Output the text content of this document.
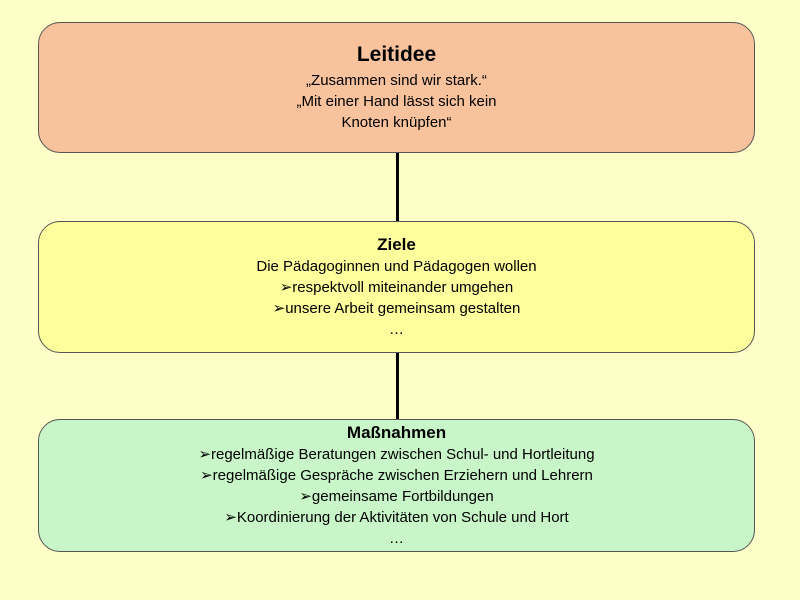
Leitidee
„Zusammen sind wir stark.“
„Mit einer Hand lässt sich kein
Knoten knüpfen“
Ziele
Die Pädagoginnen und Pädagogen wollen
➢respektvoll miteinander umgehen
➢unsere Arbeit gemeinsam gestalten
…
Maßnahmen
➢regelmäßige Beratungen zwischen Schul- und Hortleitung
➢regelmäßige Gespräche zwischen Erziehern und Lehrern
➢gemeinsame Fortbildungen
➢Koordinierung der Aktivitäten von Schule und Hort
…
